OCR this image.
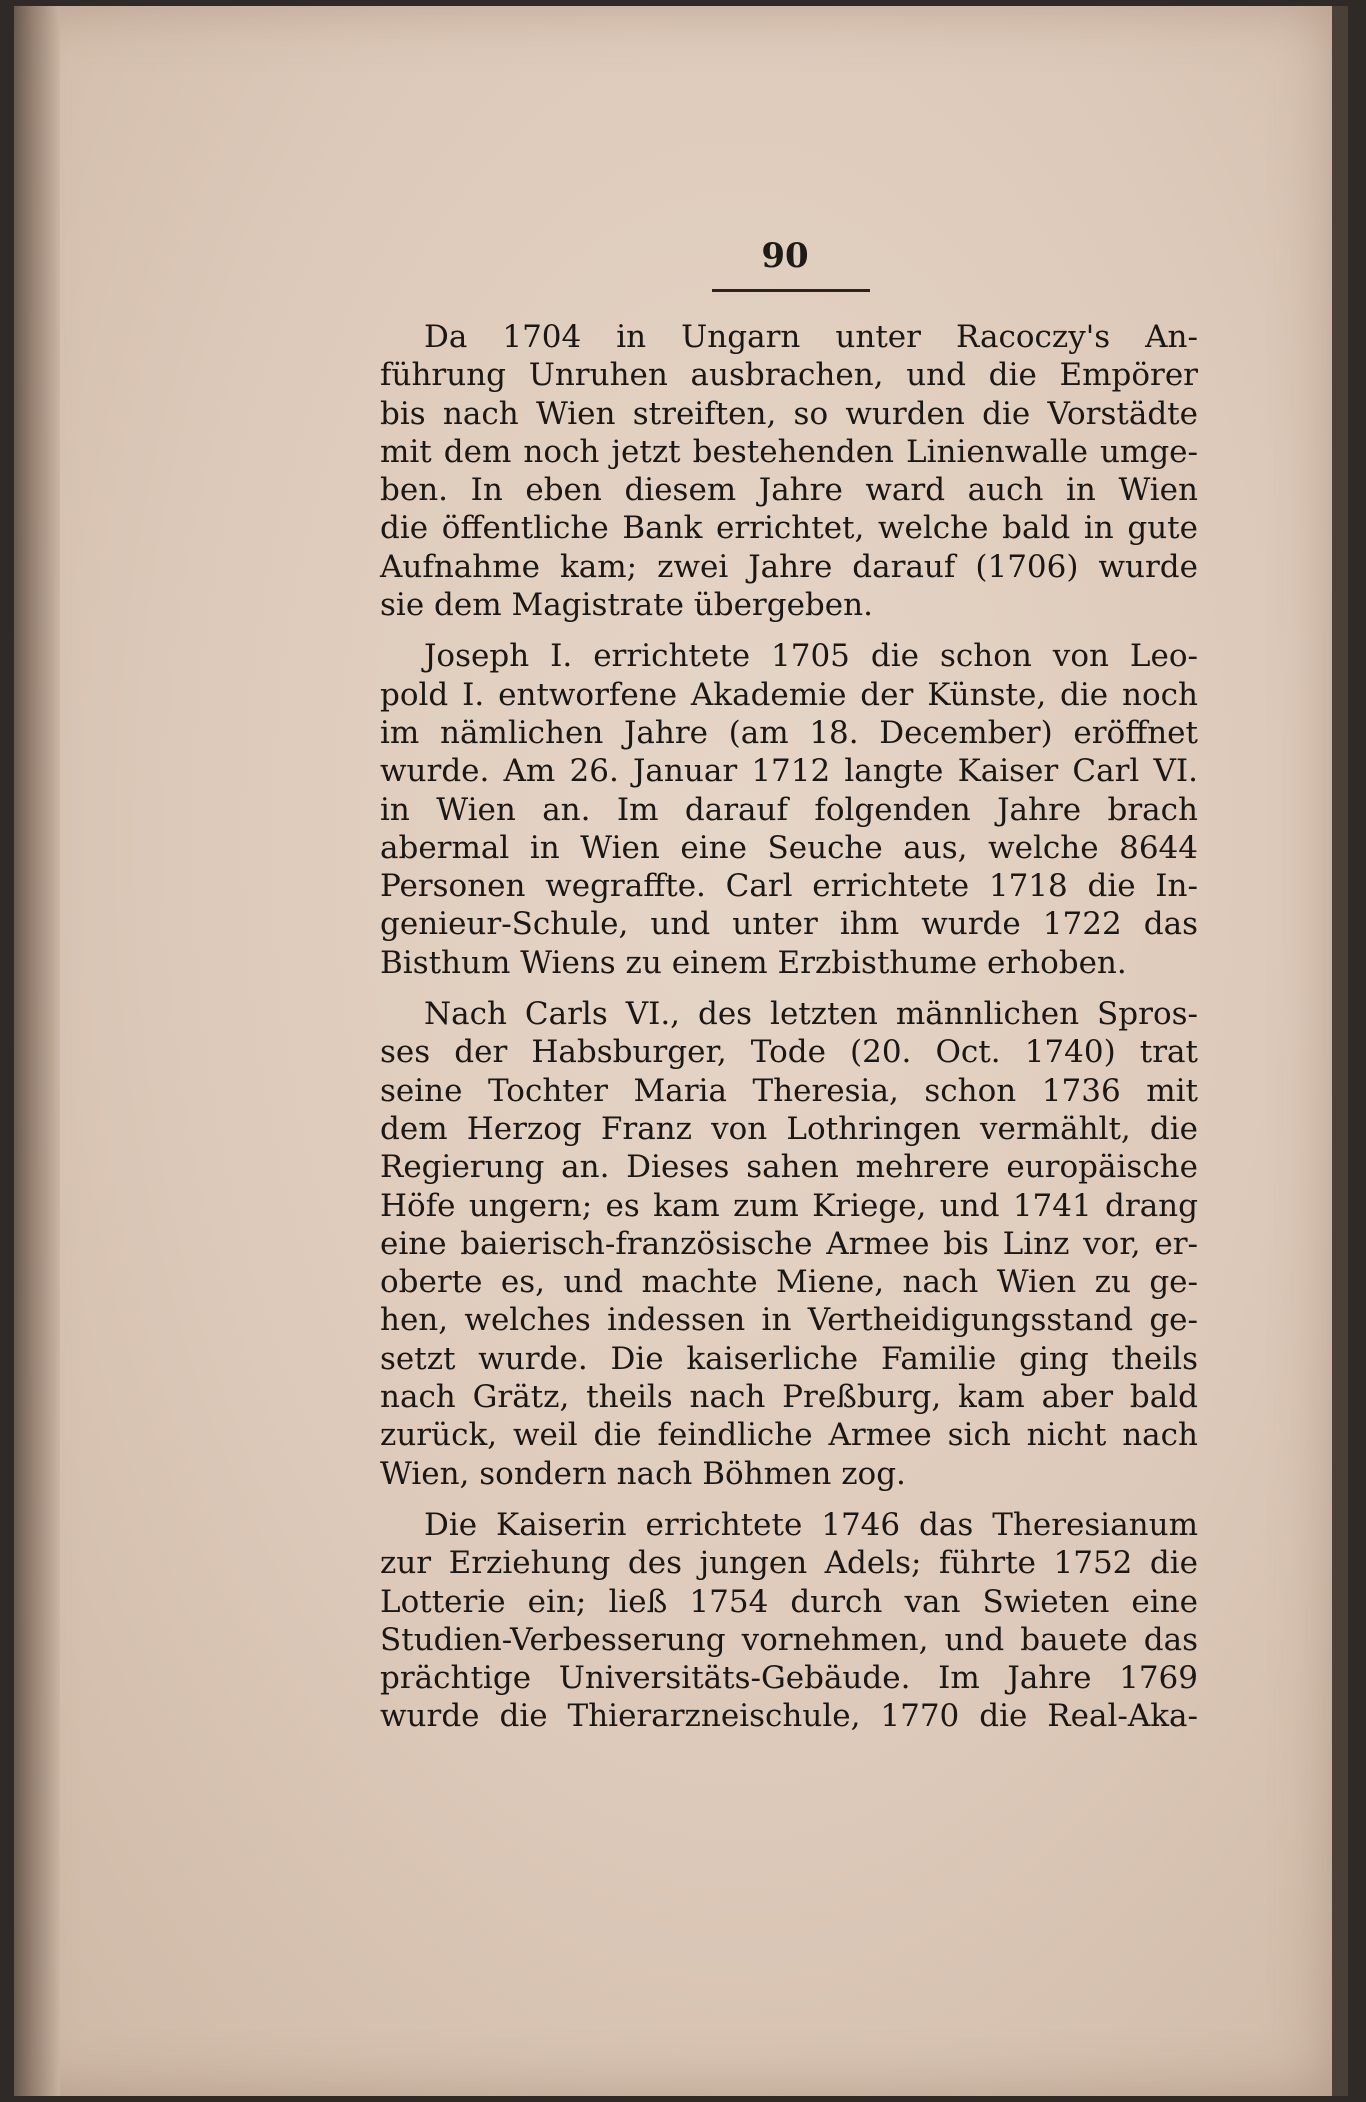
90
Da 1704 in Ungarn unter Racoczy's An-
führung Unruhen ausbrachen, und die Empörer
bis nach Wien streiften, so wurden die Vorstädte
mit dem noch jetzt bestehenden Linienwalle umge-
ben. In eben diesem Jahre ward auch in Wien
die öffentliche Bank errichtet, welche bald in gute
Aufnahme kam; zwei Jahre darauf (1706) wurde
sie dem Magistrate übergeben.
Joseph I. errichtete 1705 die schon von Leo-
pold I. entworfene Akademie der Künste, die noch
im nämlichen Jahre (am 18. December) eröffnet
wurde. Am 26. Januar 1712 langte Kaiser Carl VI.
in Wien an. Im darauf folgenden Jahre brach
abermal in Wien eine Seuche aus, welche 8644
Personen wegraffte. Carl errichtete 1718 die In-
genieur-Schule, und unter ihm wurde 1722 das
Bisthum Wiens zu einem Erzbisthume erhoben.
Nach Carls VI., des letzten männlichen Spros-
ses der Habsburger, Tode (20. Oct. 1740) trat
seine Tochter Maria Theresia, schon 1736 mit
dem Herzog Franz von Lothringen vermählt, die
Regierung an. Dieses sahen mehrere europäische
Höfe ungern; es kam zum Kriege, und 1741 drang
eine baierisch-französische Armee bis Linz vor, er-
oberte es, und machte Miene, nach Wien zu ge-
hen, welches indessen in Vertheidigungsstand ge-
setzt wurde. Die kaiserliche Familie ging theils
nach Grätz, theils nach Preßburg, kam aber bald
zurück, weil die feindliche Armee sich nicht nach
Wien, sondern nach Böhmen zog.
Die Kaiserin errichtete 1746 das Theresianum
zur Erziehung des jungen Adels; führte 1752 die
Lotterie ein; ließ 1754 durch van Swieten eine
Studien-Verbesserung vornehmen, und bauete das
prächtige Universitäts-Gebäude. Im Jahre 1769
wurde die Thierarzneischule, 1770 die Real-Aka-
